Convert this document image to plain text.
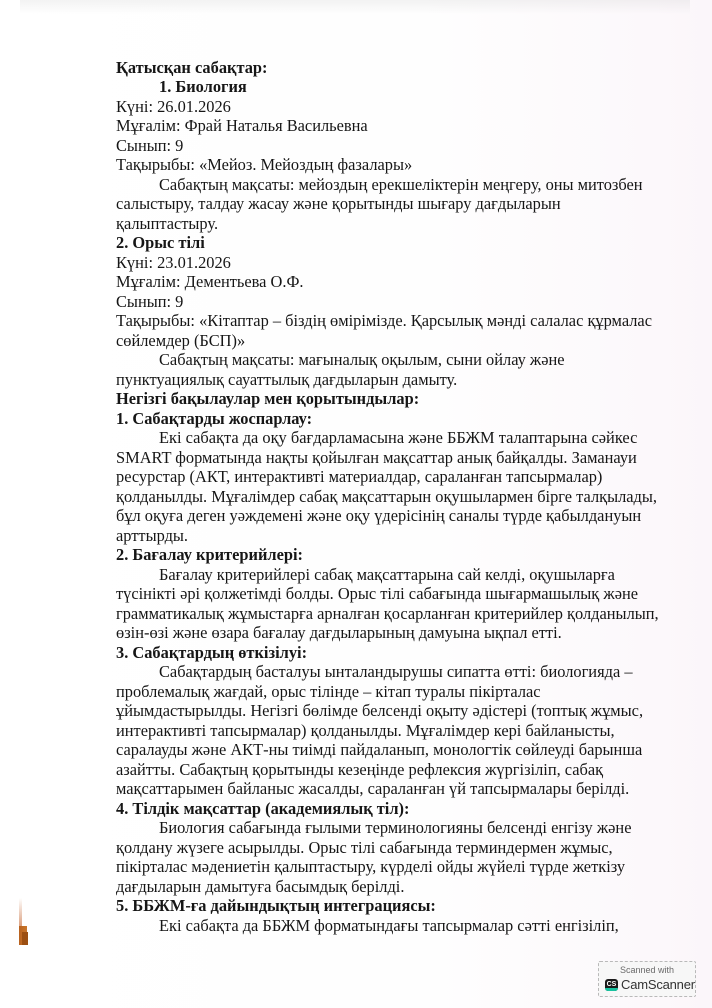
Қатысқан сабақтар:
1. Биология
Күні: 26.01.2026
Мұғалім: Фрай Наталья Васильевна
Сынып: 9
Тақырыбы: «Мейоз. Мейоздың фазалары»
Сабақтың мақсаты: мейоздың ерекшеліктерін меңгеру, оны митозбен
салыстыру, талдау жасау және қорытынды шығару дағдыларын
қалыптастыру.
2. Орыс тілі
Күні: 23.01.2026
Мұғалім: Дементьева О.Ф.
Сынып: 9
Тақырыбы: «Кітаптар – біздің өмірімізде. Қарсылық мәнді салалас құрмалас
сөйлемдер (БСП)»
Сабақтың мақсаты: мағыналық оқылым, сыни ойлау және
пунктуациялық сауаттылық дағдыларын дамыту.
Негізгі бақылаулар мен қорытындылар:
1. Сабақтарды жоспарлау:
Екі сабақта да оқу бағдарламасына және ББЖМ талаптарына сәйкес
SMART форматында нақты қойылған мақсаттар анық байқалды. Заманауи
ресурстар (АКТ, интерактивті материалдар, сараланған тапсырмалар)
қолданылды. Мұғалімдер сабақ мақсаттарын оқушылармен бірге талқылады,
бұл оқуға деген уәждемені және оқу үдерісінің саналы түрде қабылдануын
арттырды.
2. Бағалау критерийлері:
Бағалау критерийлері сабақ мақсаттарына сай келді, оқушыларға
түсінікті әрі қолжетімді болды. Орыс тілі сабағында шығармашылық және
грамматикалық жұмыстарға арналған қосарланған критерийлер қолданылып,
өзін-өзі және өзара бағалау дағдыларының дамуына ықпал етті.
3. Сабақтардың өткізілуі:
Сабақтардың басталуы ынталандырушы сипатта өтті: биологияда –
проблемалық жағдай, орыс тілінде – кітап туралы пікірталас
ұйымдастырылды. Негізгі бөлімде белсенді оқыту әдістері (топтық жұмыс,
интерактивті тапсырмалар) қолданылды. Мұғалімдер кері байланысты,
саралауды және АКТ-ны тиімді пайдаланып, монологтік сөйлеуді барынша
азайтты. Сабақтың қорытынды кезеңінде рефлексия жүргізіліп, сабақ
мақсаттарымен байланыс жасалды, сараланған үй тапсырмалары берілді.
4. Тілдік мақсаттар (академиялық тіл):
Биология сабағында ғылыми терминологияны белсенді енгізу және
қолдану жүзеге асырылды. Орыс тілі сабағында терминдермен жұмыс,
пікірталас мәдениетін қалыптастыру, күрделі ойды жүйелі түрде жеткізу
дағдыларын дамытуға басымдық берілді.
5. ББЖМ-ға дайындықтың интеграциясы:
Екі сабақта да ББЖМ форматындағы тапсырмалар сәтті енгізіліп,
Scanned with
CS CamScanner
